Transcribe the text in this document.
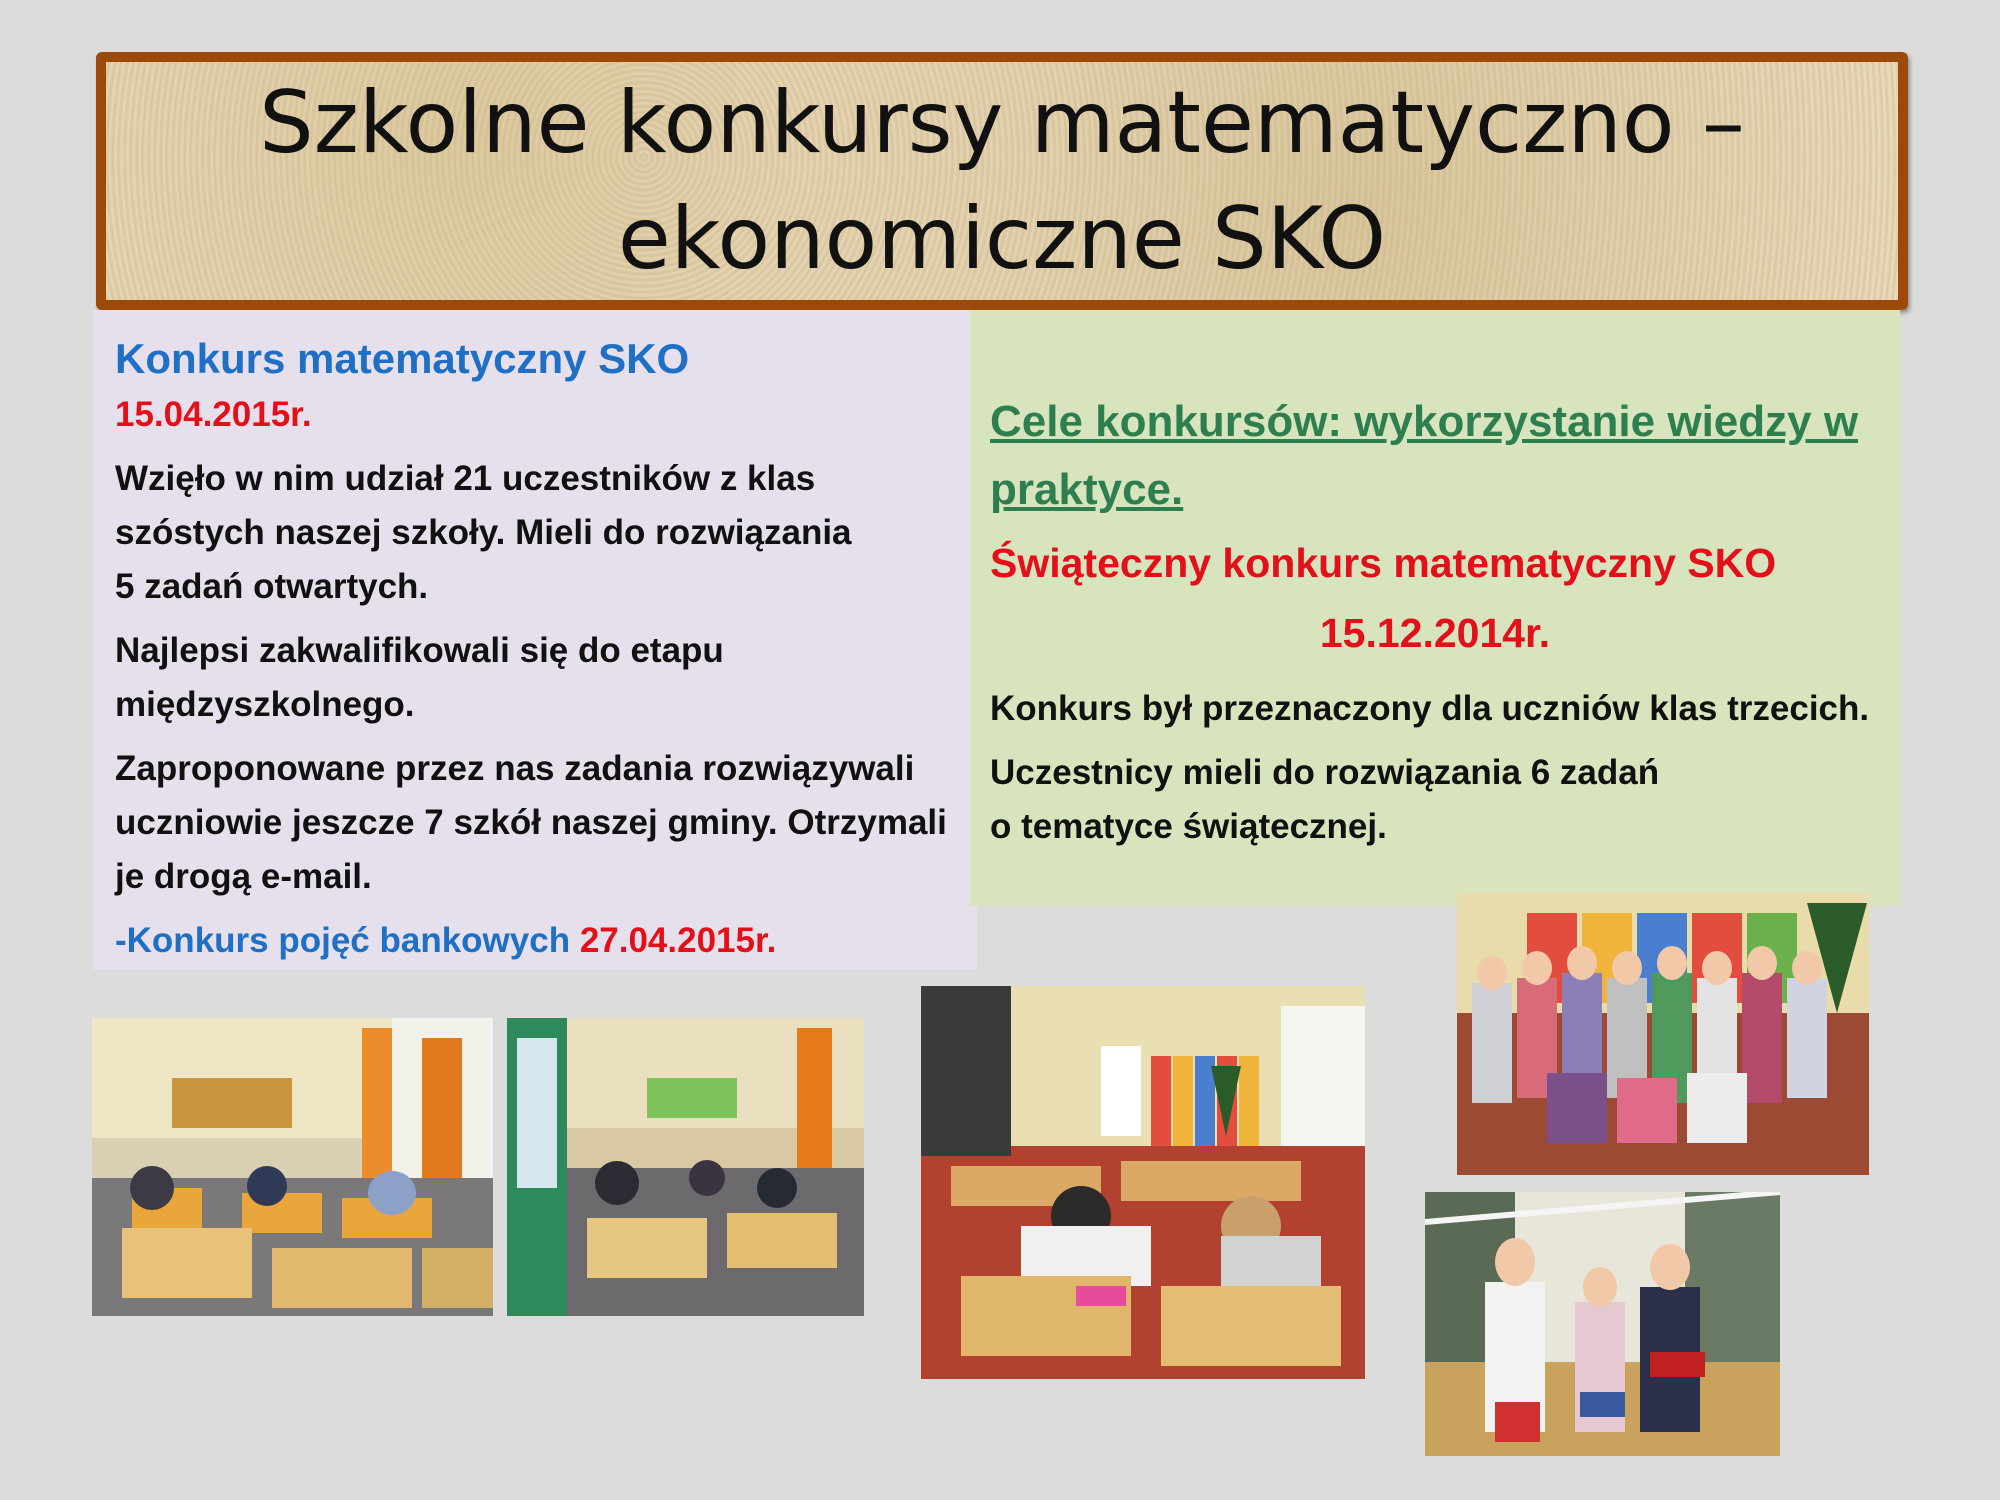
Szkolne konkursy matematyczno –
ekonomiczne SKO
Konkurs matematyczny SKO
15.04.2015r.
Wzięło w nim udział 21 uczestników z klas szóstych naszej szkoły. Mieli do rozwiązania
5 zadań otwartych.
Najlepsi zakwalifikowali się do etapu międzyszkolnego.
Zaproponowane przez nas zadania rozwiązywali uczniowie jeszcze 7 szkół naszej gminy. Otrzymali je drogą e-mail.
-Konkurs pojęć bankowych 27.04.2015r.
Cele konkursów: wykorzystanie wiedzy w praktyce.
Świąteczny konkurs matematyczny SKO
15.12.2014r.
Konkurs był przeznaczony dla uczniów klas trzecich.
Uczestnicy mieli do rozwiązania 6 zadań
o tematyce świątecznej.
